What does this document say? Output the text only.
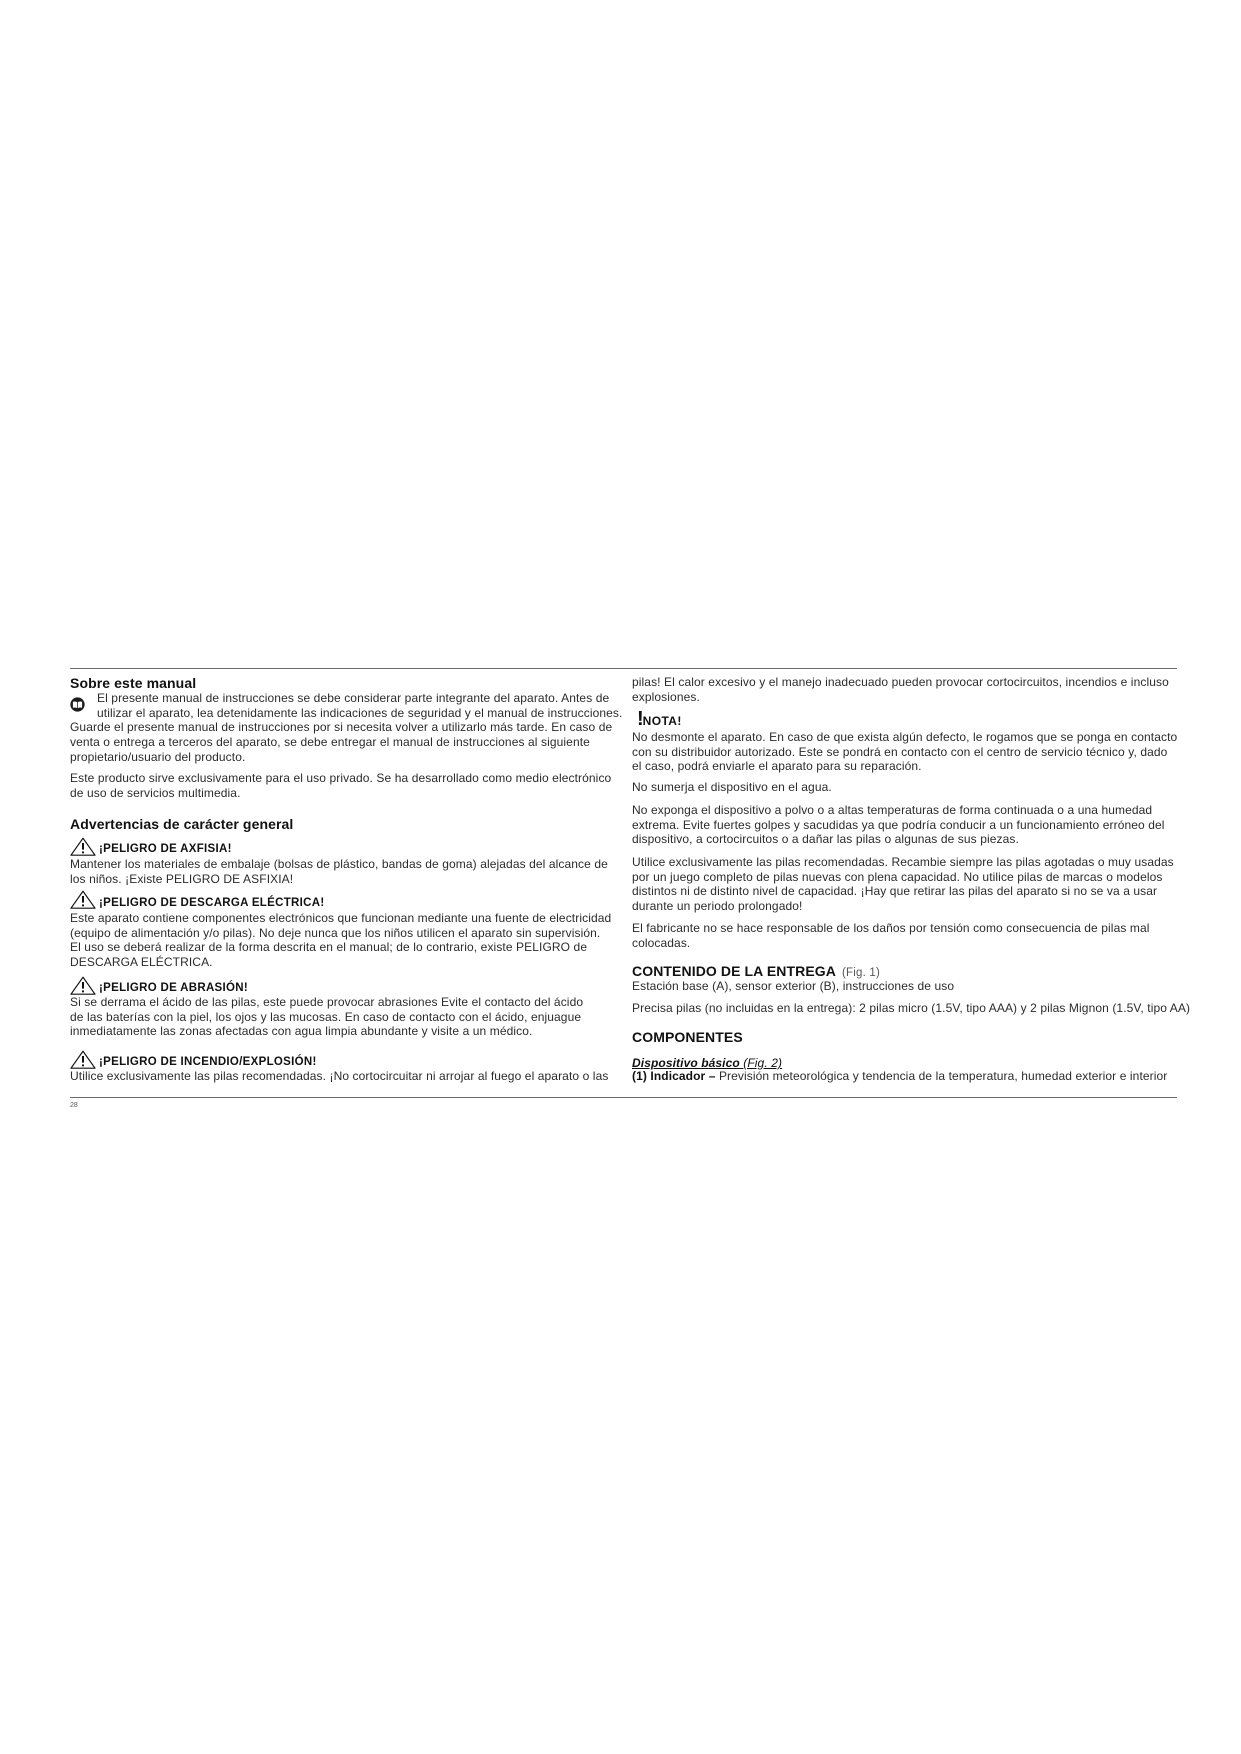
Sobre este manual
El presente manual de instrucciones se debe considerar parte integrante del aparato. Antes de
utilizar el aparato, lea detenidamente las indicaciones de seguridad y el manual de instrucciones.
Guarde el presente manual de instrucciones por si necesita volver a utilizarlo más tarde. En caso de
venta o entrega a terceros del aparato, se debe entregar el manual de instrucciones al siguiente
propietario/usuario del producto.
Este producto sirve exclusivamente para el uso privado. Se ha desarrollado como medio electrónico
de uso de servicios multimedia.
Advertencias de carácter general
¡PELIGRO DE AXFISIA!
Mantener los materiales de embalaje (bolsas de plástico, bandas de goma) alejadas del alcance de
los niños. ¡Existe PELIGRO DE ASFIXIA!
¡PELIGRO DE DESCARGA ELÉCTRICA!
Este aparato contiene componentes electrónicos que funcionan mediante una fuente de electricidad
(equipo de alimentación y/o pilas). No deje nunca que los niños utilicen el aparato sin supervisión.
El uso se deberá realizar de la forma descrita en el manual; de lo contrario, existe PELIGRO de
DESCARGA ELÉCTRICA.
¡PELIGRO DE ABRASIÓN!
Si se derrama el ácido de las pilas, este puede provocar abrasiones Evite el contacto del ácido
de las baterías con la piel, los ojos y las mucosas. En caso de contacto con el ácido, enjuague
inmediatamente las zonas afectadas con agua limpia abundante y visite a un médico.
¡PELIGRO DE INCENDIO/EXPLOSIÓN!
Utilice exclusivamente las pilas recomendadas. ¡No cortocircuitar ni arrojar al fuego el aparato o las
pilas! El calor excesivo y el manejo inadecuado pueden provocar cortocircuitos, incendios e incluso
explosiones.
! NOTA!
No desmonte el aparato. En caso de que exista algún defecto, le rogamos que se ponga en contacto
con su distribuidor autorizado. Este se pondrá en contacto con el centro de servicio técnico y, dado
el caso, podrá enviarle el aparato para su reparación.
No sumerja el dispositivo en el agua.
No exponga el dispositivo a polvo o a altas temperaturas de forma continuada o a una humedad
extrema. Evite fuertes golpes y sacudidas ya que podría conducir a un funcionamiento erróneo del
dispositivo, a cortocircuitos o a dañar las pilas o algunas de sus piezas.
Utilice exclusivamente las pilas recomendadas. Recambie siempre las pilas agotadas o muy usadas
por un juego completo de pilas nuevas con plena capacidad. No utilice pilas de marcas o modelos
distintos ni de distinto nivel de capacidad. ¡Hay que retirar las pilas del aparato si no se va a usar
durante un periodo prolongado!
El fabricante no se hace responsable de los daños por tensión como consecuencia de pilas mal
colocadas.
CONTENIDO DE LA ENTREGA (Fig. 1)
Estación base (A), sensor exterior (B), instrucciones de uso
Precisa pilas (no incluidas en la entrega): 2 pilas micro (1.5V, tipo AAA) y 2 pilas Mignon (1.5V, tipo AA)
COMPONENTES
Dispositivo básico (Fig. 2)
(1) Indicador – Previsión meteorológica y tendencia de la temperatura, humedad exterior e interior
28
